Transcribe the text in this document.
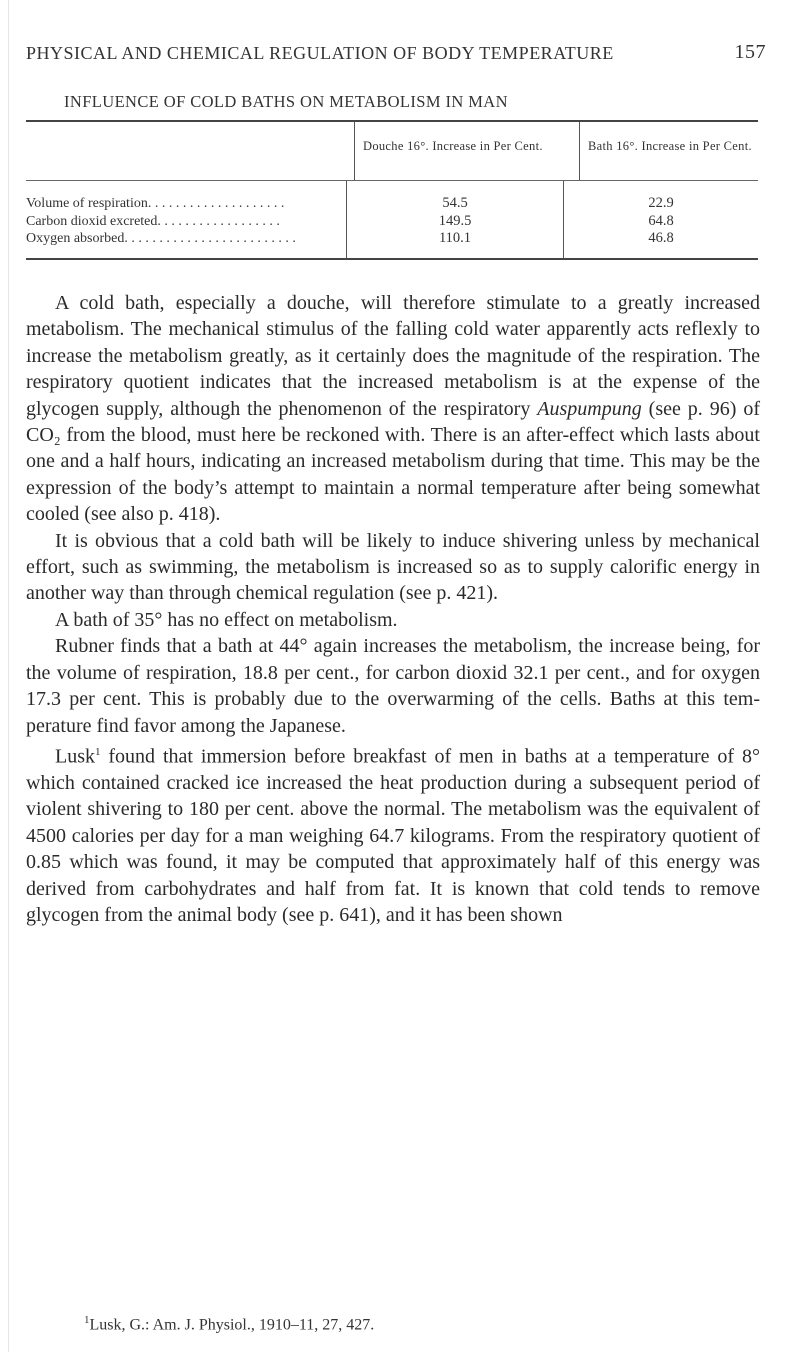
PHYSICAL AND CHEMICAL REGULATION OF BODY TEMPERATURE	157
INFLUENCE OF COLD BATHS ON METABOLISM IN MAN
	Douche 16°. Increase in Per Cent.	Bath 16°. Increase in Per Cent.
Volume of respiration. . . . . . . . . . . . . . . . . . . .	54.5	22.9
Carbon dioxid excreted. . . . . . . . . . . . . . . . . .	149.5	64.8
Oxygen absorbed. . . . . . . . . . . . . . . . . . . . . . . . .	110.1	46.8

A cold bath, especially a douche, will therefore stimulate to a greatly increased metabolism. The mechanical stimulus of the falling cold water apparently acts reflexly to increase the metabolism greatly, as it certainly does the magnitude of the respiration. The respiratory quotient indicates that the increased metabolism is at the expense of the glycogen supply, although the phenomenon of the respiratory Auspumpung (see p. 96) of CO₂ from the blood, must here be reckoned with. There is an after-effect which lasts about one and a half hours, indicating an increased metabolism during that time. This may be the expression of the body’s attempt to maintain a normal temperature after being somewhat cooled (see also p. 418).

It is obvious that a cold bath will be likely to induce shivering unless by mechanical effort, such as swimming, the metabolism is increased so as to supply calorific energy in another way than through chemical regulation (see p. 421).

A bath of 35° has no effect on metabolism.

Rubner finds that a bath at 44° again increases the metabolism, the increase being, for the volume of respiration, 18.8 per cent., for carbon dioxid 32.1 per cent., and for oxygen 17.3 per cent. This is probably due to the overwarming of the cells. Baths at this temperature find favor among the Japanese.

Lusk$^1$ found that immersion before breakfast of men in baths at a temperature of 8° which contained cracked ice increased the heat production during a subsequent period of violent shivering to 180 per cent. above the normal. The metabolism was the equivalent of 4500 calories per day for a man weighing 64.7 kilograms. From the respiratory quotient of 0.85 which was found, it may be computed that approximately half of this energy was derived from carbohydrates and half from fat. It is known that cold tends to remove glycogen from the animal body (see p. 641), and it has been shown

$^1$Lusk, G.: Am. J. Physiol., 1910–11, 27, 427.
